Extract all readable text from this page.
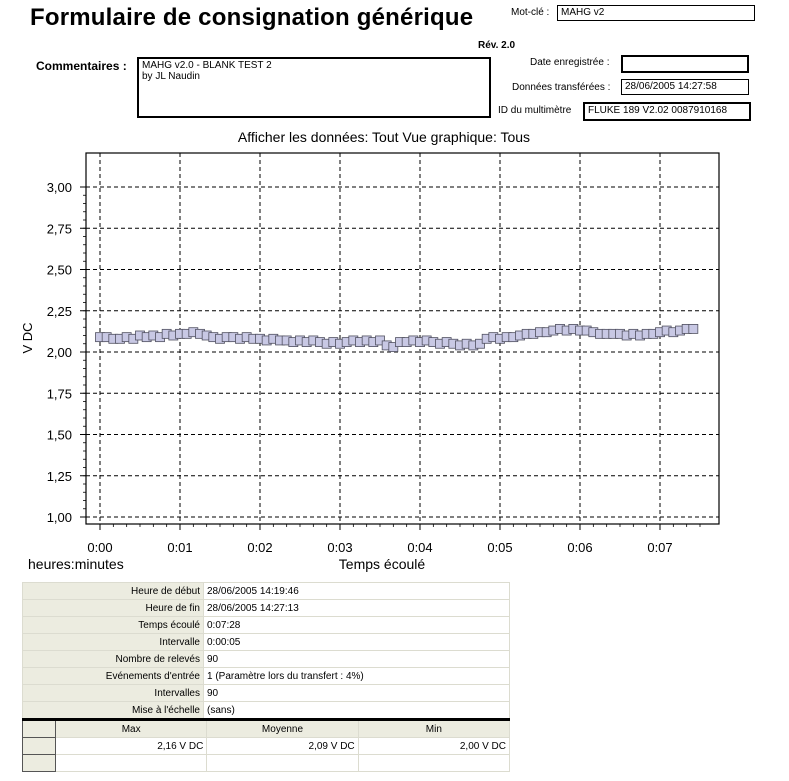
Formulaire de consignation générique	Mot-clé :	MAHG v2
Rév. 2.0
Commentaires : MAHG v2.0 - BLANK TEST 2
by JL Naudin
Date enregistrée :
Données transférées :	28/06/2005 14:27:58
ID du multimètre	FLUKE 189 V2.02 0087910168
Afficher les données: Tout Vue graphique: Tous
1,00
1,25
1,50
1,75
2,00
2,25
2,50
2,75
3,00
0:00	0:01	0:02	0:03	0:04	0:05	0:06	0:07
V DC
Temps écoulé
heures:minutes
Heure de début	28/06/2005 14:19:46
Heure de fin	28/06/2005 14:27:13
Temps écoulé	0:07:28
Intervalle	0:00:05
Nombre de relevés	90
Evénements d'entrée	1 (Paramètre lors du transfert : 4%)
Intervalles	90
Mise à l'échelle	(sans)
	Max	Moyenne	Min
	2,16 V DC	2,09 V DC	2,00 V DC
